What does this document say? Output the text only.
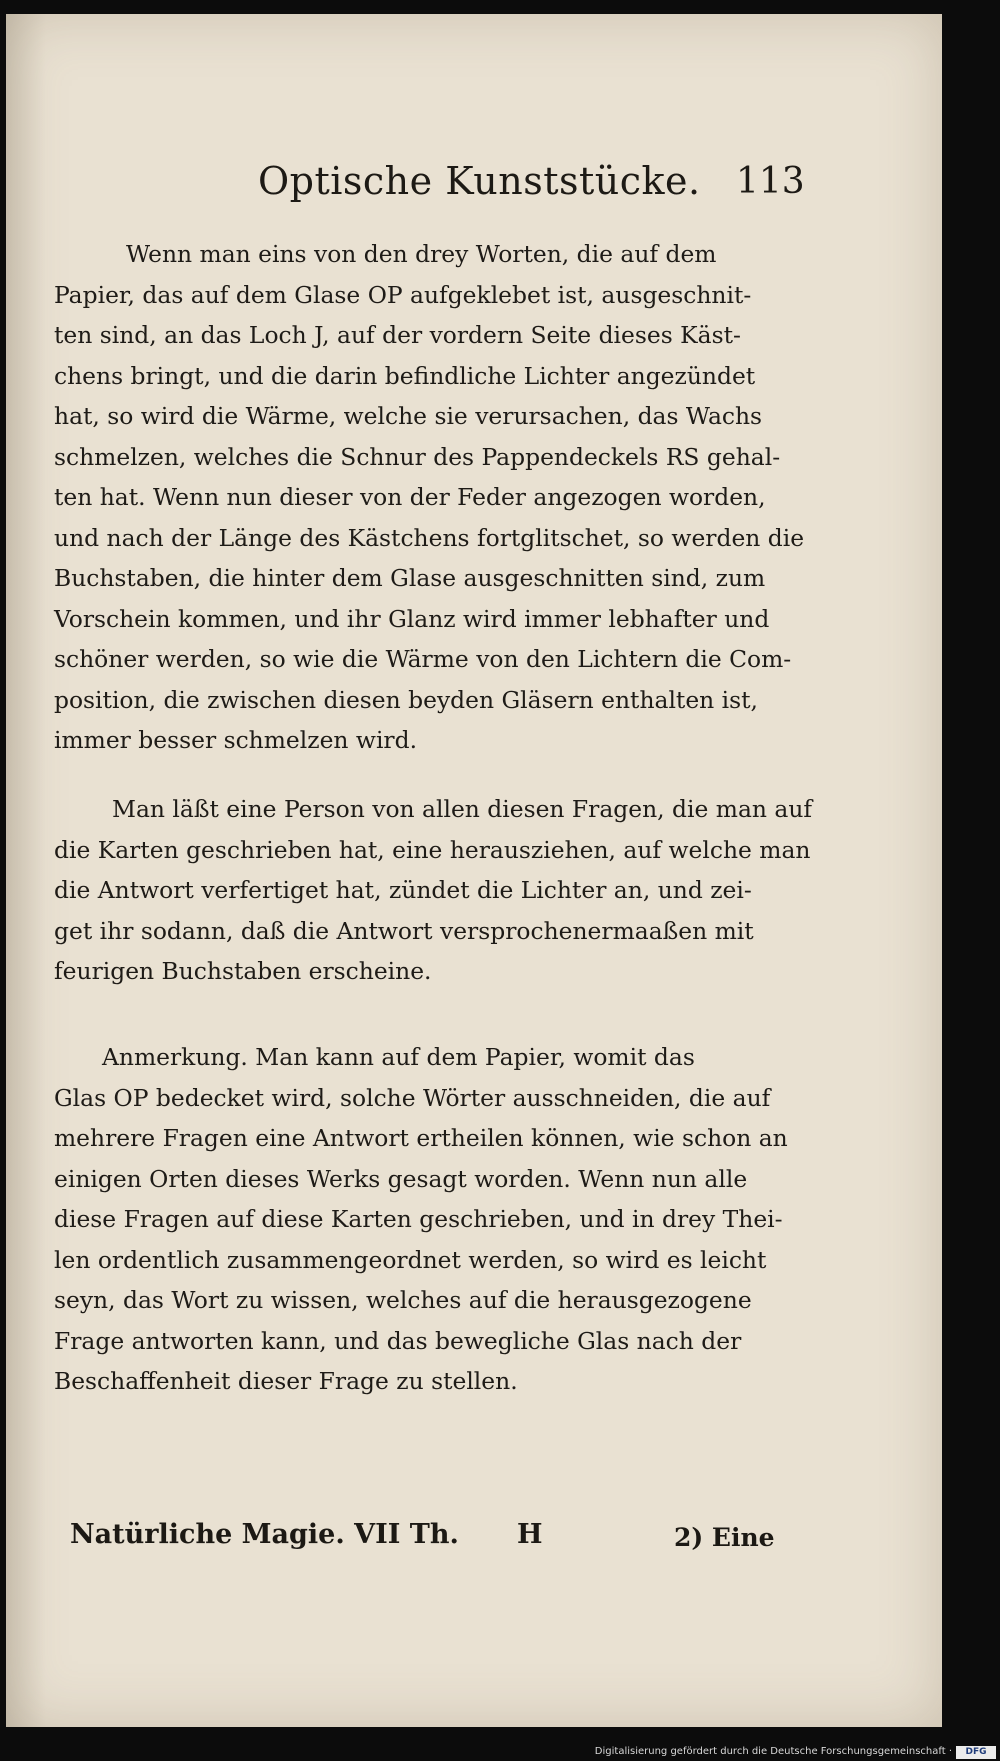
Optische Kunststücke. 113
Wenn man eins von den drey Worten, die auf dem
Papier, das auf dem Glase OP aufgeklebet ist, ausgeschnit-
ten sind, an das Loch J, auf der vordern Seite dieses Käst-
chens bringt, und die darin befindliche Lichter angezündet
hat, so wird die Wärme, welche sie verursachen, das Wachs
schmelzen, welches die Schnur des Pappendeckels RS gehal-
ten hat. Wenn nun dieser von der Feder angezogen worden,
und nach der Länge des Kästchens fortglitschet, so werden die
Buchstaben, die hinter dem Glase ausgeschnitten sind, zum
Vorschein kommen, und ihr Glanz wird immer lebhafter und
schöner werden, so wie die Wärme von den Lichtern die Com-
position, die zwischen diesen beyden Gläsern enthalten ist,
immer besser schmelzen wird.
Man läßt eine Person von allen diesen Fragen, die man auf
die Karten geschrieben hat, eine herausziehen, auf welche man
die Antwort verfertiget hat, zündet die Lichter an, und zei-
get ihr sodann, daß die Antwort versprochenermaaßen mit
feurigen Buchstaben erscheine.
Anmerkung. Man kann auf dem Papier, womit das
Glas OP bedecket wird, solche Wörter ausschneiden, die auf
mehrere Fragen eine Antwort ertheilen können, wie schon an
einigen Orten dieses Werks gesagt worden. Wenn nun alle
diese Fragen auf diese Karten geschrieben, und in drey Thei-
len ordentlich zusammengeordnet werden, so wird es leicht
seyn, das Wort zu wissen, welches auf die herausgezogene
Frage antworten kann, und das bewegliche Glas nach der
Beschaffenheit dieser Frage zu stellen.
Natürliche Magie. VII Th. H	2) Eine
Digitalisierung gefördert durch die Deutsche Forschungsgemeinschaft ·	DFG
